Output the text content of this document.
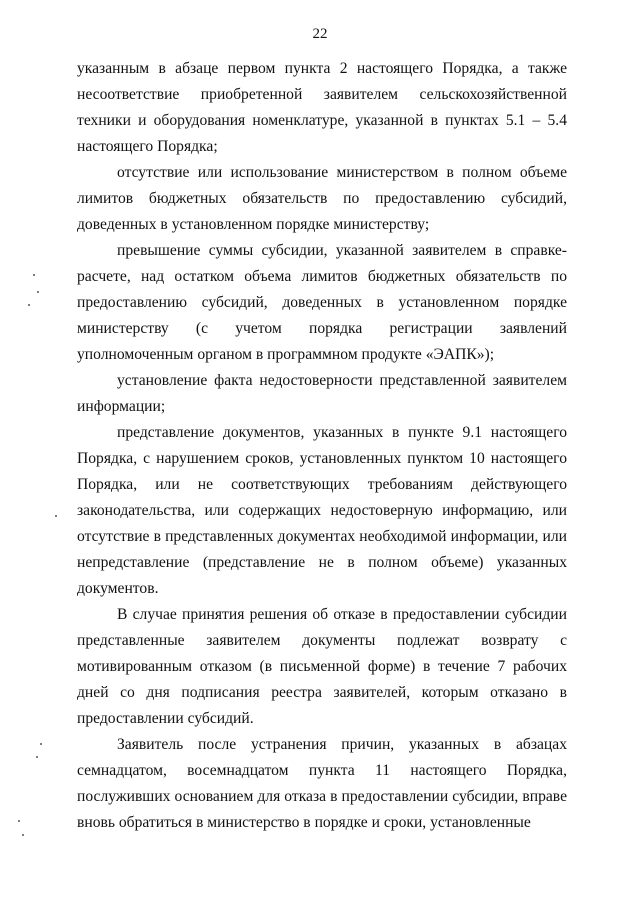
22

указанным в абзаце первом пункта 2 настоящего Порядка, а также несоответствие приобретенной заявителем сельскохозяйственной техники и оборудования номенклатуре, указанной в пунктах 5.1 – 5.4 настоящего Порядка;

отсутствие или использование министерством в полном объеме лимитов бюджетных обязательств по предоставлению субсидий, доведенных в установленном порядке министерству;

превышение суммы субсидии, указанной заявителем в справке-расчете, над остатком объема лимитов бюджетных обязательств по предоставлению субсидий, доведенных в установленном порядке министерству (с учетом порядка регистрации заявлений уполномоченным органом в программном продукте «ЭАПК»);

установление факта недостоверности представленной заявителем информации;

представление документов, указанных в пункте 9.1 настоящего Порядка, с нарушением сроков, установленных пунктом 10 настоящего Порядка, или не соответствующих требованиям действующего законодательства, или содержащих недостоверную информацию, или отсутствие в представленных документах необходимой информации, или непредставление (представление не в полном объеме) указанных документов.

В случае принятия решения об отказе в предоставлении субсидии представленные заявителем документы подлежат возврату с мотивированным отказом (в письменной форме) в течение 7 рабочих дней со дня подписания реестра заявителей, которым отказано в предоставлении субсидий.

Заявитель после устранения причин, указанных в абзацах семнадцатом, восемнадцатом пункта 11 настоящего Порядка, послуживших основанием для отказа в предоставлении субсидии, вправе вновь обратиться в министерство в порядке и сроки, установленные
